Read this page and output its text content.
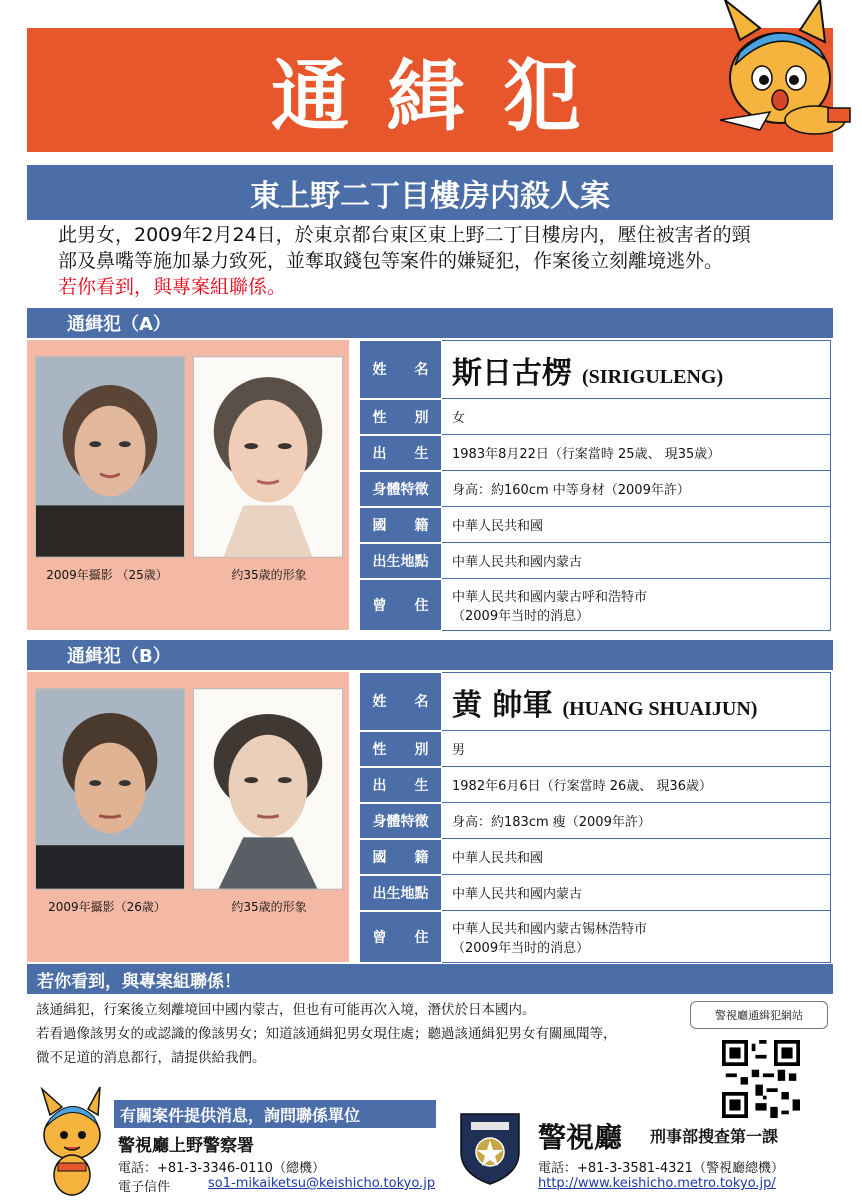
通緝犯
東上野二丁目樓房内殺人案
此男女，2009年2月24日，於東京都台東区東上野二丁目樓房内，壓住被害者的頸
部及鼻嘴等施加暴力致死，並奪取錢包等案件的嫌疑犯，作案後立刻離境逃外。
若你看到，與專案組聯係。
通緝犯（A）
2009年攝影 （25歳）	约35歳的形象
姓　　名	斯日古楞 (SIRIGULENG)
性　　別	女
出　　生	1983年8月22日（行案當時 25歳、 現35歳）
身體特徵	身高：約160cm 中等身材（2009年許）
國　　籍	中華人民共和國
出生地點	中華人民共和國内蒙古
曾　　住	中華人民共和國内蒙古呼和浩特市
（2009年当时的消息）
通緝犯（B）
2009年攝影（26歳）	约35歳的形象
姓　　名	黄 帥軍 (HUANG SHUAIJUN)
性　　別	男
出　　生	1982年6月6日（行案當時 26歳、 現36歳）
身體特徵	身高：約183cm 瘦（2009年許）
國　　籍	中華人民共和國
出生地點	中華人民共和國内蒙古
曾　　住	中華人民共和國内蒙古锡林浩特市
（2009年当时的消息）
若你看到，與專案組聯係！
該通緝犯，行案後立刻離境回中國内蒙古，但也有可能再次入境，潛伏於日本國内。
若看過像該男女的或認識的像該男女；知道該通緝犯男女現住處；聽過該通緝犯男女有關風聞等，
微不足道的消息都行，請提供給我們。
警視廳通緝犯網站
有關案件提供消息，詢問聯係單位
警視廳上野警察署
電話：+81-3-3346-0110（總機）
電子信件	so1-mikaiketsu@keishicho.tokyo.jp
警視廳 刑事部搜查第一課
電話：+81-3-3581-4321（警視廳總機）
http://www.keishicho.metro.tokyo.jp/
